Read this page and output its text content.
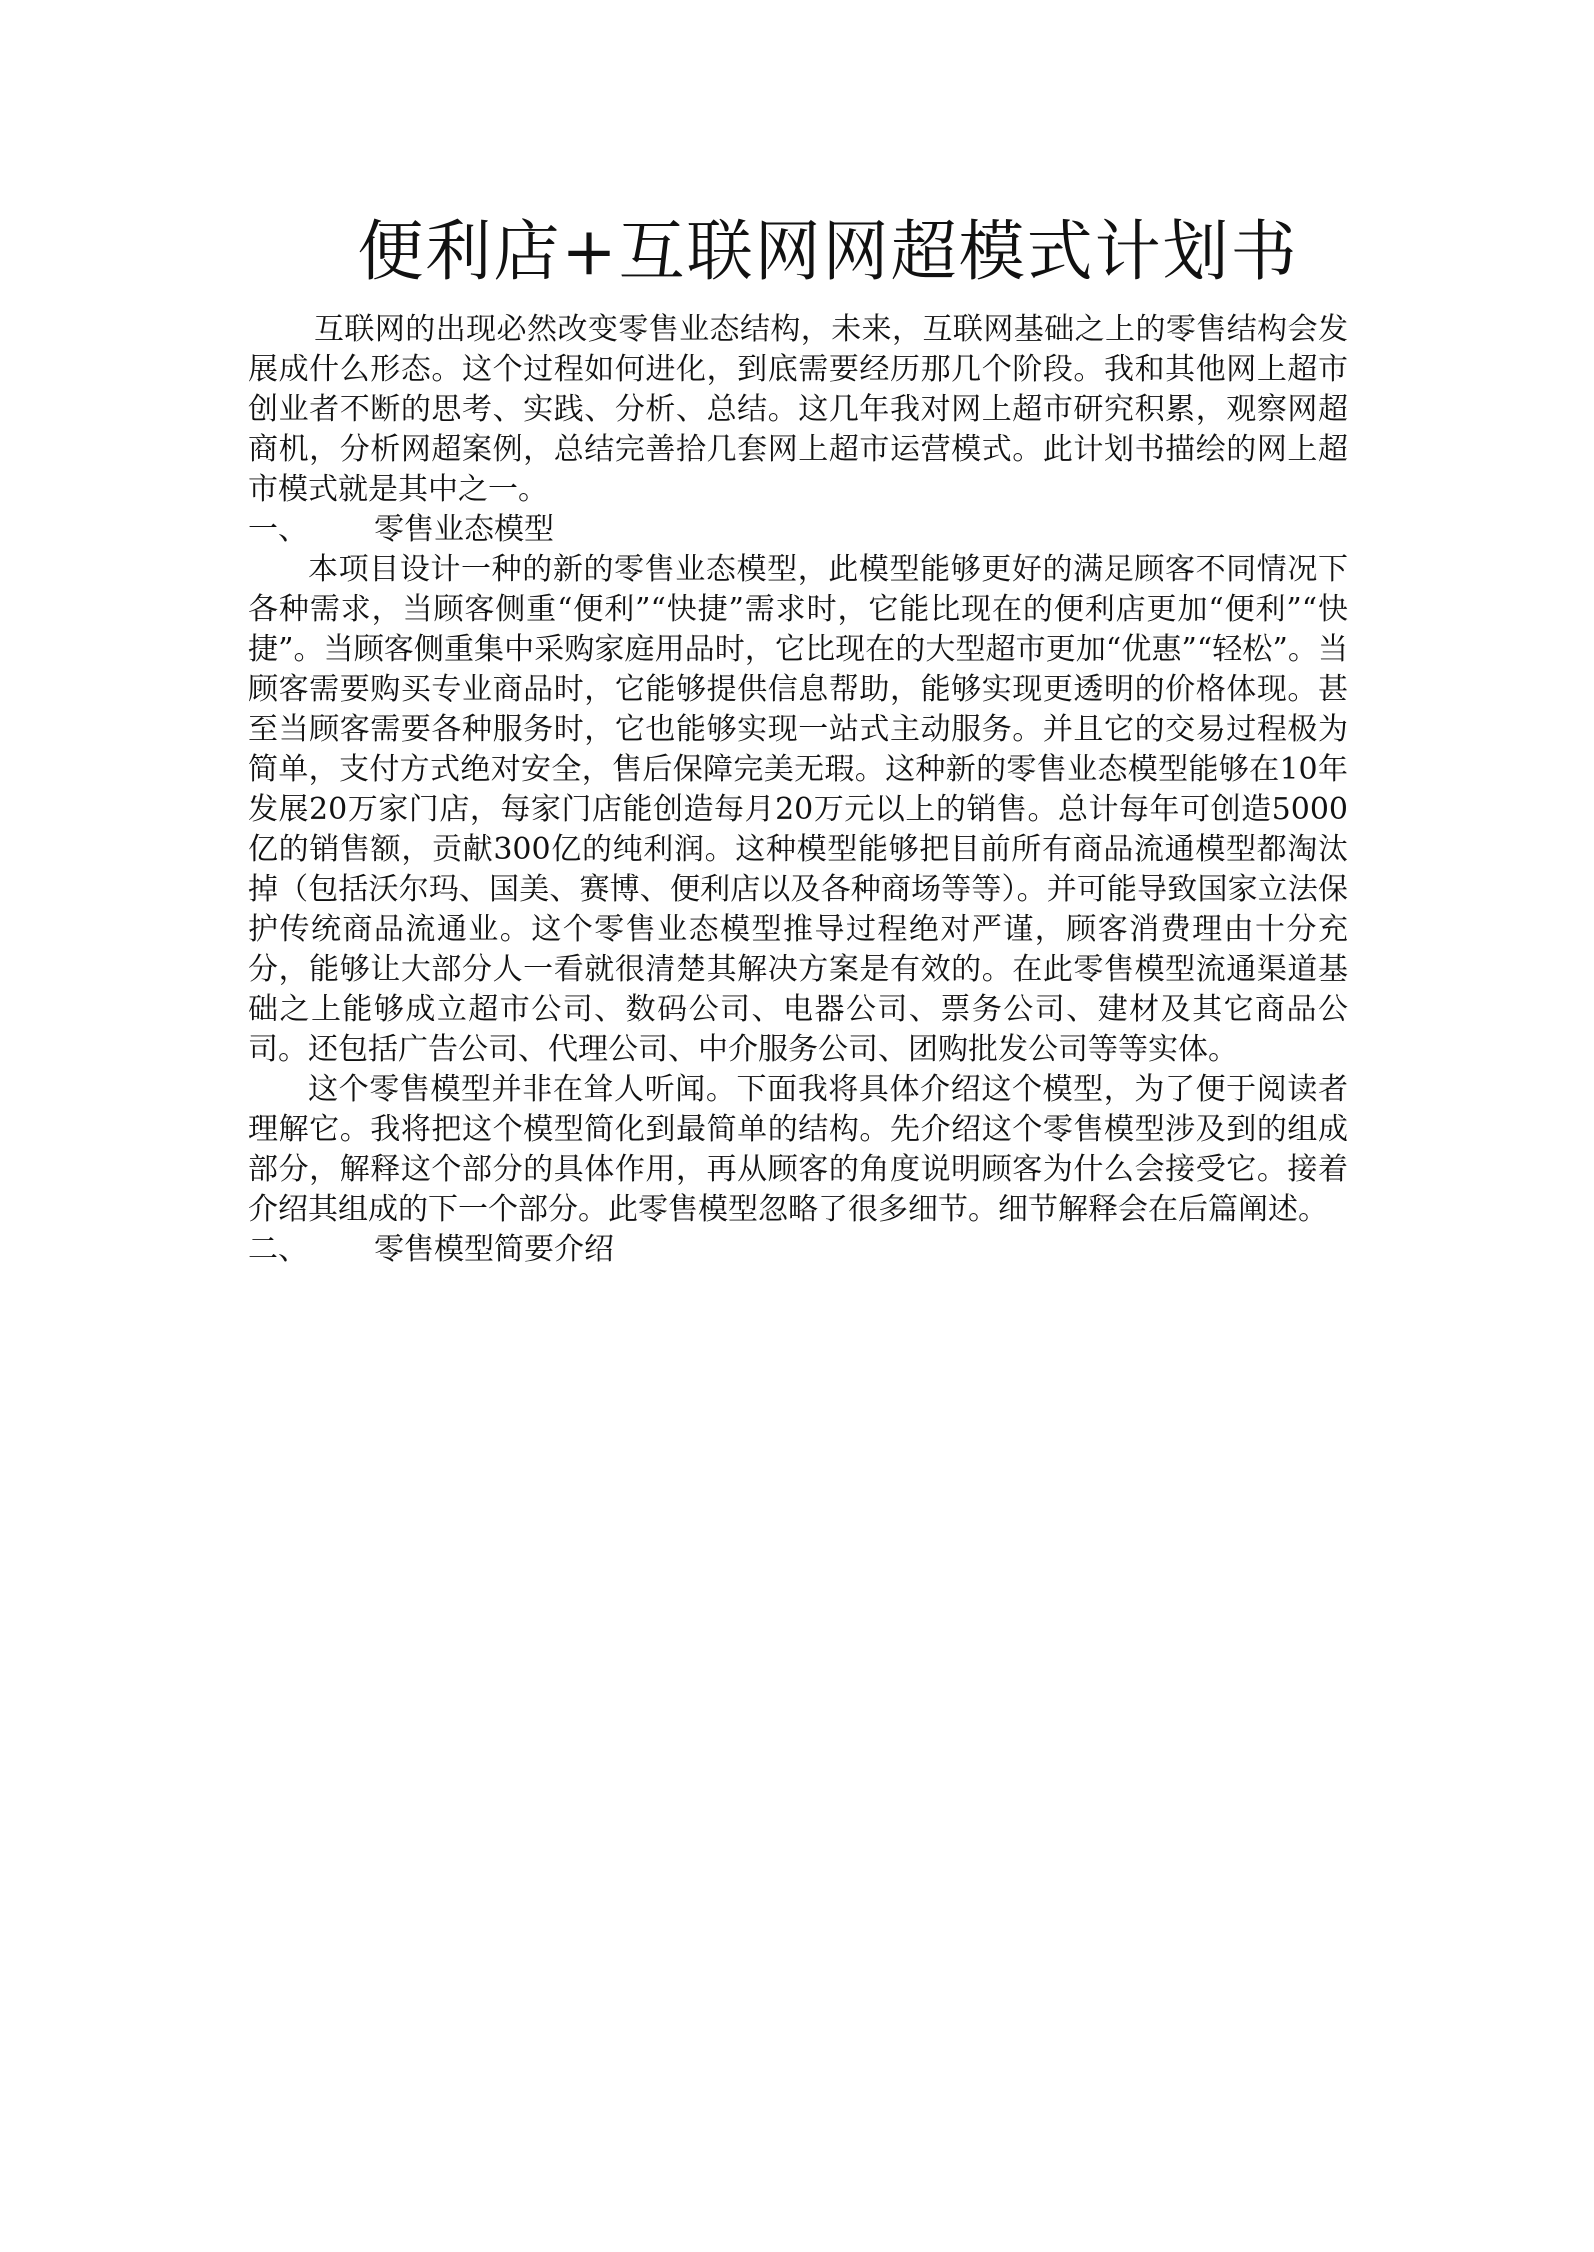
便利店+互联网网超模式计划书

互联网的出现必然改变零售业态结构，未来，互联网基础之上的零售结构会发展成什么形态。这个过程如何进化，到底需要经历那几个阶段。我和其他网上超市创业者不断的思考、实践、分析、总结。这几年我对网上超市研究积累，观察网超商机，分析网超案例，总结完善拾几套网上超市运营模式。此计划书描绘的网上超市模式就是其中之一。

一、	零售业态模型

本项目设计一种的新的零售业态模型，此模型能够更好的满足顾客不同情况下各种需求，当顾客侧重“便利”“快捷”需求时，它能比现在的便利店更加“便利”“快捷”。当顾客侧重集中采购家庭用品时，它比现在的大型超市更加“优惠”“轻松”。当顾客需要购买专业商品时，它能够提供信息帮助，能够实现更透明的价格体现。甚至当顾客需要各种服务时，它也能够实现一站式主动服务。并且它的交易过程极为简单，支付方式绝对安全，售后保障完美无瑕。这种新的零售业态模型能够在10年发展20万家门店，每家门店能创造每月20万元以上的销售。总计每年可创造5000亿的销售额，贡献300亿的纯利润。这种模型能够把目前所有商品流通模型都淘汰掉（包括沃尔玛、国美、赛博、便利店以及各种商场等等）。并可能导致国家立法保护传统商品流通业。这个零售业态模型推导过程绝对严谨，顾客消费理由十分充分，能够让大部分人一看就很清楚其解决方案是有效的。在此零售模型流通渠道基础之上能够成立超市公司、数码公司、电器公司、票务公司、建材及其它商品公司。还包括广告公司、代理公司、中介服务公司、团购批发公司等等实体。

这个零售模型并非在耸人听闻。下面我将具体介绍这个模型，为了便于阅读者理解它。我将把这个模型简化到最简单的结构。先介绍这个零售模型涉及到的组成部分，解释这个部分的具体作用，再从顾客的角度说明顾客为什么会接受它。接着介绍其组成的下一个部分。此零售模型忽略了很多细节。细节解释会在后篇阐述。

二、	零售模型简要介绍
